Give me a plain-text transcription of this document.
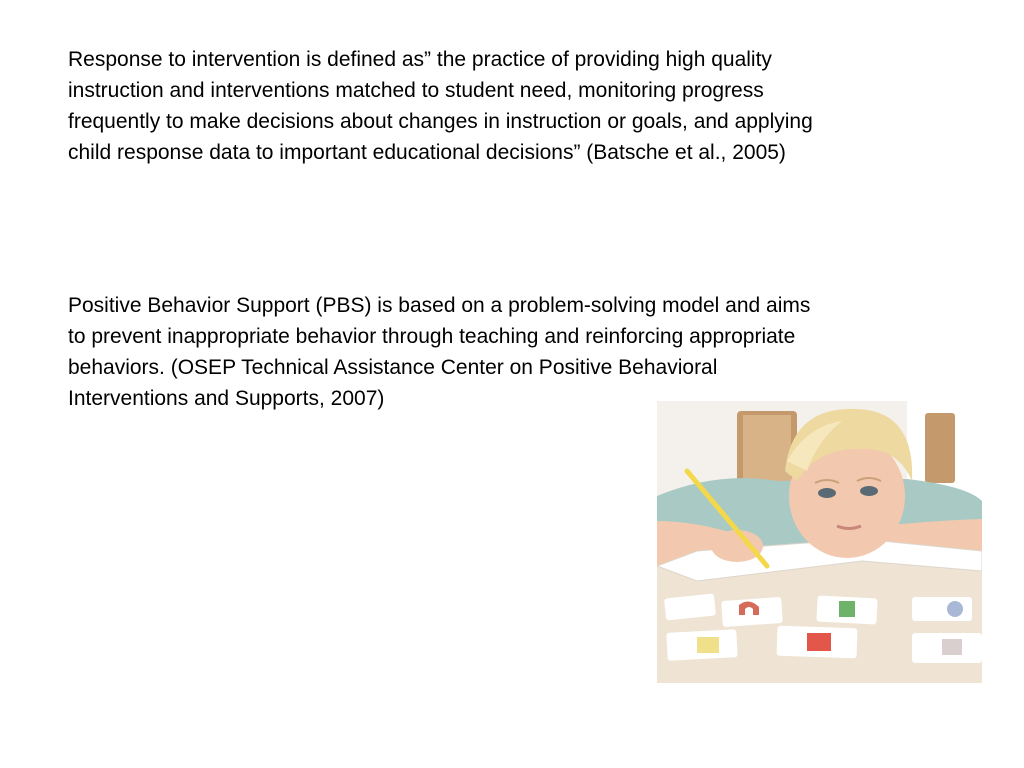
Response to intervention is defined as” the practice of providing high quality
instruction and interventions matched to student need, monitoring progress
frequently to make decisions about changes in instruction or goals, and applying
child response data to important educational decisions” (Batsche et al., 2005)

Positive Behavior Support (PBS) is based on a problem-solving model and aims
to prevent inappropriate behavior through teaching and reinforcing appropriate
behaviors. (OSEP Technical Assistance Center on Positive Behavioral
Interventions and Supports, 2007)
